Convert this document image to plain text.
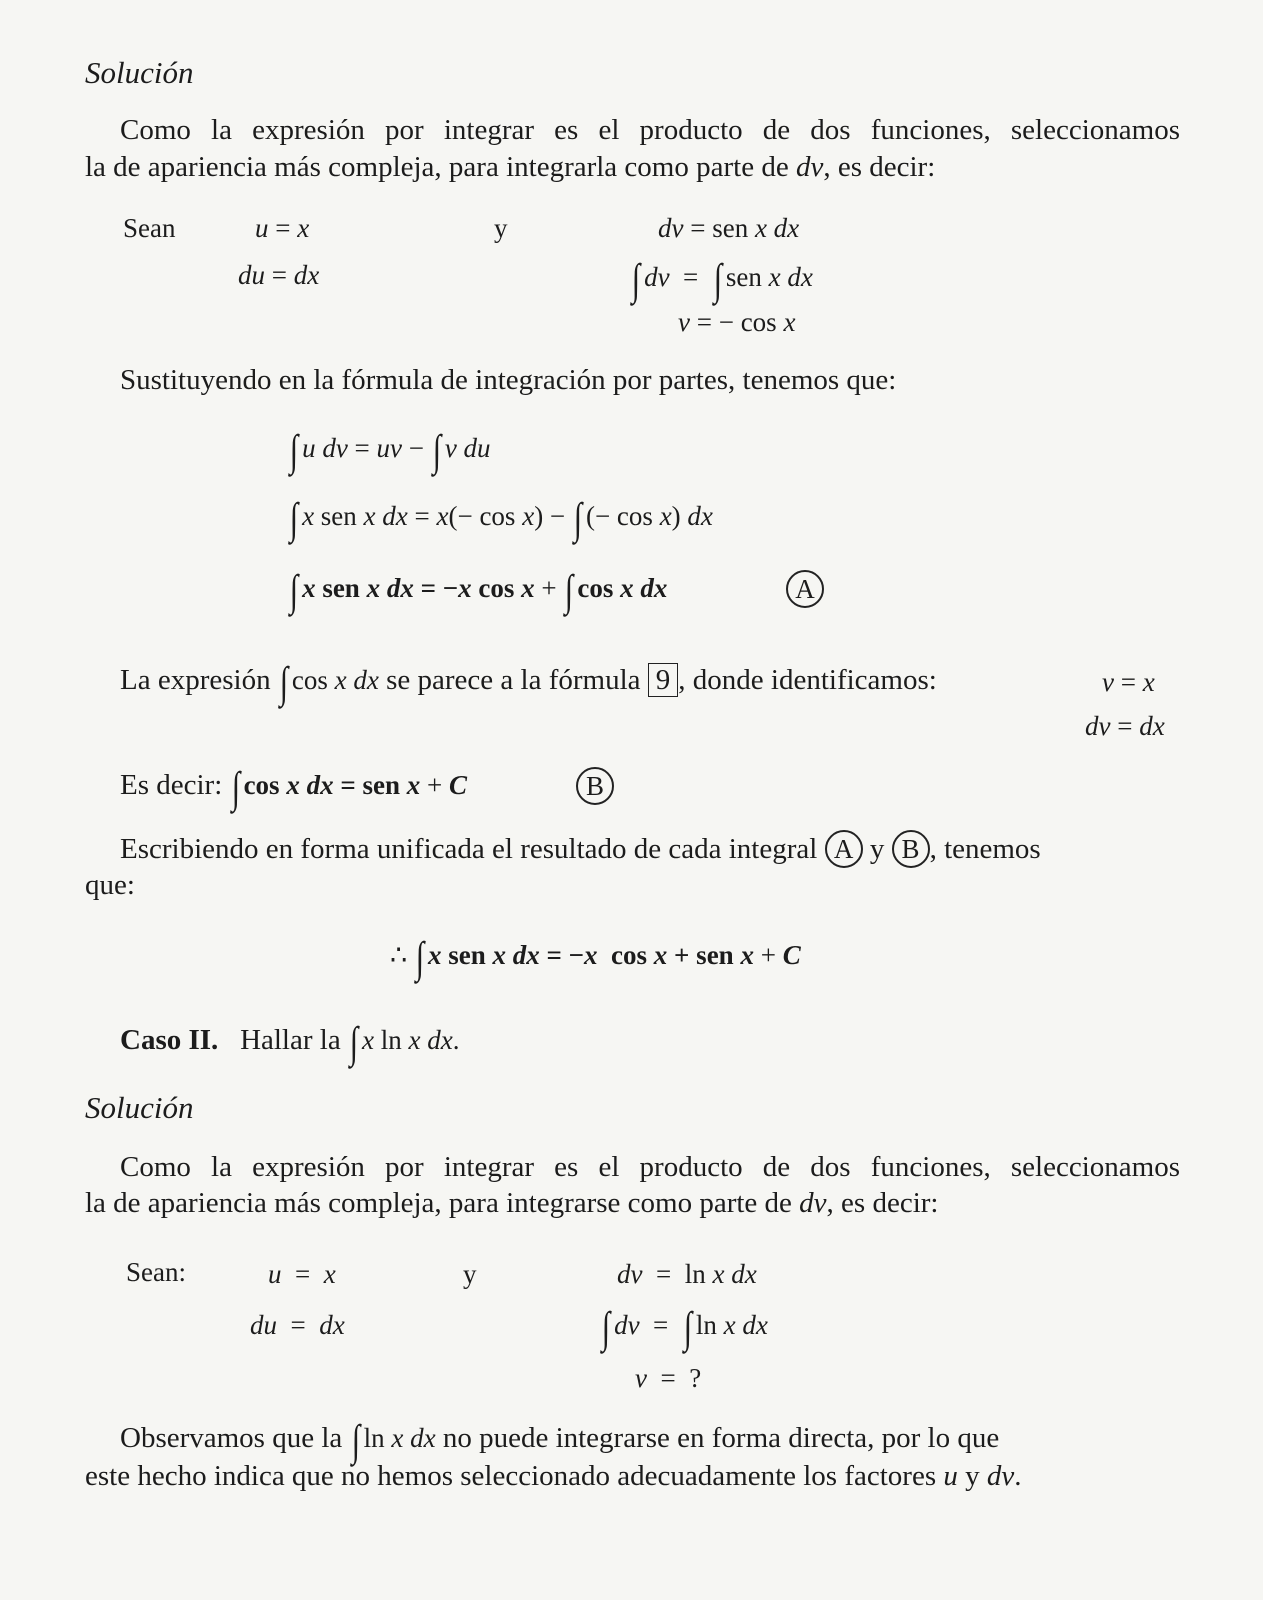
Solución
Como la expresión por integrar es el producto de dos funciones, seleccionamos
la de apariencia más compleja, para integrarla como parte de dv, es decir:
Sean	u = x	y	dv = sen x dx
du = dx	∫ dv  =  ∫ sen x dx
v = − cos x
Sustituyendo en la fórmula de integración por partes, tenemos que:
∫ u dv = uv − ∫ v du
∫ x sen x dx = x(− cos x) − ∫ (− cos x) dx
∫ x sen x dx = −x cos x + ∫ cos x dx	A
La expresión ∫ cos x dx se parece a la fórmula 9 , donde identificamos:	v = x
dv = dx
Es decir: ∫ cos x dx = sen x + C	B
Escribiendo en forma unificada el resultado de cada integral A y B , tenemos
que:
∴ ∫ x sen x dx = −x  cos x + sen x + C
Caso II. Hallar la ∫ x ln x dx.
Solución
Como la expresión por integrar es el producto de dos funciones, seleccionamos
la de apariencia más compleja, para integrarse como parte de dv, es decir:
Sean:	u  =  x	y	dv  =  ln x dx
du  =  dx	∫ dv  =  ∫ ln x dx
v  =  ?
Observamos que la ∫ ln x dx no puede integrarse en forma directa, por lo que
este hecho indica que no hemos seleccionado adecuadamente los factores u y dv.
